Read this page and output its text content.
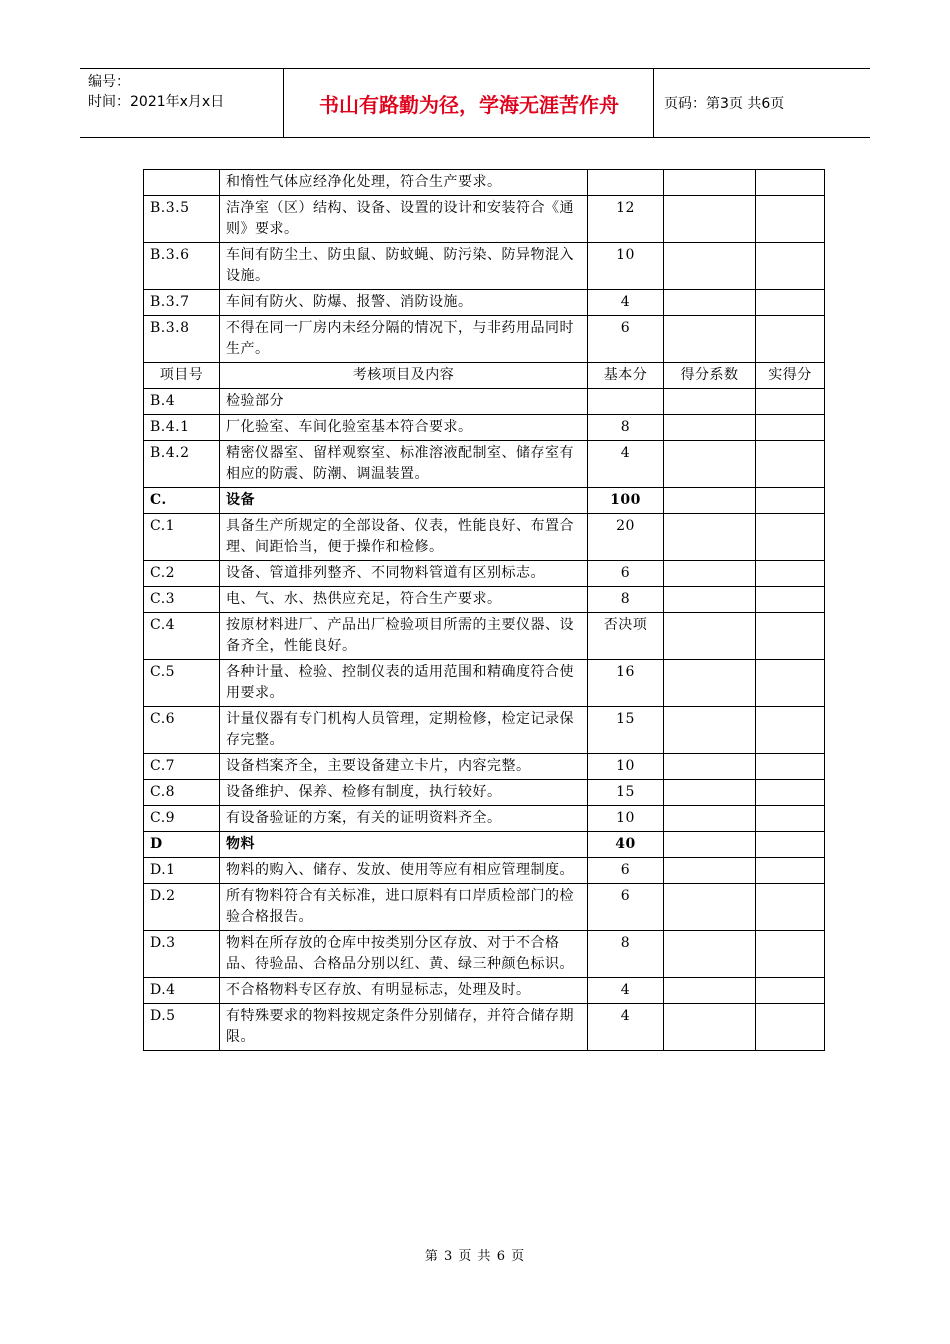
编号：
时间：2021年x月x日	书山有路勤为径，学海无涯苦作舟	页码：第3页 共6页
	和惰性气体应经净化处理，符合生产要求。			
B.3.5	洁净室（区）结构、设备、设置的设计和安装符合《通则》要求。	12		
B.3.6	车间有防尘土、防虫鼠、防蚊蝇、防污染、防异物混入设施。	10		
B.3.7	车间有防火、防爆、报警、消防设施。	4		
B.3.8	不得在同一厂房内未经分隔的情况下，与非药用品同时生产。	6		
项目号	考核项目及内容	基本分	得分系数	实得分
B.4	检验部分			
B.4.1	厂化验室、车间化验室基本符合要求。	8		
B.4.2	精密仪器室、留样观察室、标准溶液配制室、储存室有相应的防震、防潮、调温装置。	4		
C.	设备	100		
C.1	具备生产所规定的全部设备、仪表，性能良好、布置合理、间距恰当，便于操作和检修。	20		
C.2	设备、管道排列整齐、不同物料管道有区别标志。	6		
C.3	电、气、水、热供应充足，符合生产要求。	8		
C.4	按原材料进厂、产品出厂检验项目所需的主要仪器、设备齐全，性能良好。	否决项		
C.5	各种计量、检验、控制仪表的适用范围和精确度符合使用要求。	16		
C.6	计量仪器有专门机构人员管理，定期检修，检定记录保存完整。	15		
C.7	设备档案齐全，主要设备建立卡片，内容完整。	10		
C.8	设备维护、保养、检修有制度，执行较好。	15		
C.9	有设备验证的方案，有关的证明资料齐全。	10		
D	物料	40		
D.1	物料的购入、储存、发放、使用等应有相应管理制度。	6		
D.2	所有物料符合有关标准，进口原料有口岸质检部门的检验合格报告。	6		
D.3	物料在所存放的仓库中按类别分区存放、对于不合格品、待验品、合格品分别以红、黄、绿三种颜色标识。	8		
D.4	不合格物料专区存放、有明显标志，处理及时。	4		
D.5	有特殊要求的物料按规定条件分别储存，并符合储存期限。	4		
第 3 页 共 6 页
